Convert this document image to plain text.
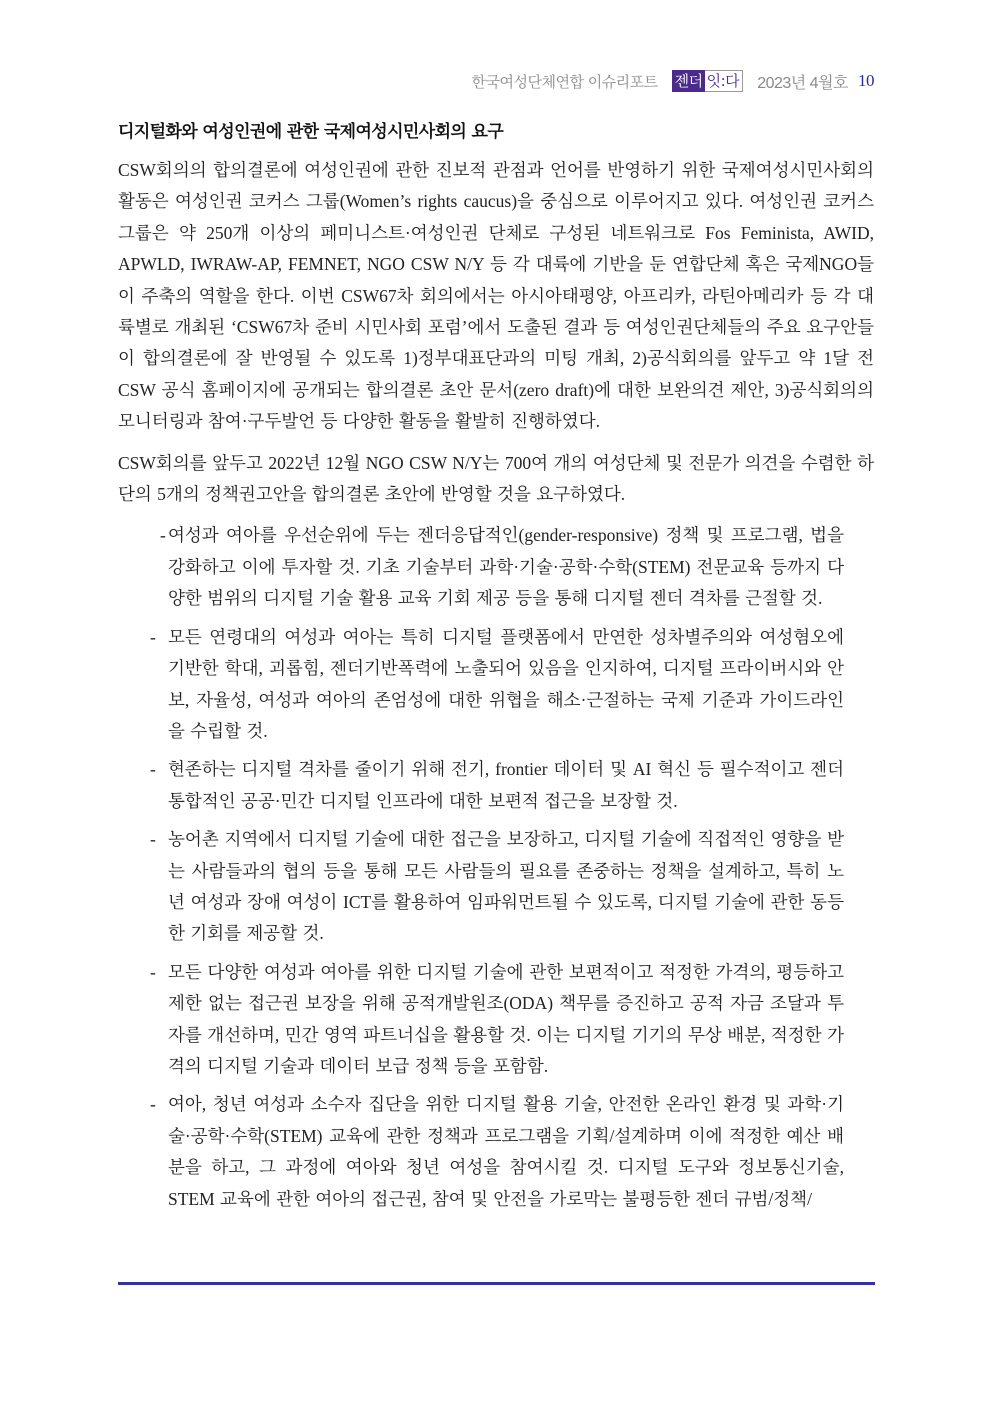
한국여성단체연합 이슈리포트 젠더 잇:다 2023년 4월호 10
디지털화와 여성인권에 관한 국제여성시민사회의 요구

CSW회의의 합의결론에 여성인권에 관한 진보적 관점과 언어를 반영하기 위한 국제여성시민사회의 활동은 여성인권 코커스 그룹(Women’s rights caucus)을 중심으로 이루어지고 있다. 여성인권 코커스 그룹은 약 250개 이상의 페미니스트·여성인권 단체로 구성된 네트워크로 Fos Feminista, AWID, APWLD, IWRAW-AP, FEMNET, NGO CSW N/Y 등 각 대륙에 기반을 둔 연합단체 혹은 국제NGO들이 주축의 역할을 한다. 이번 CSW67차 회의에서는 아시아태평양, 아프리카, 라틴아메리카 등 각 대륙별로 개최된 ‘CSW67차 준비 시민사회 포럼’에서 도출된 결과 등 여성인권단체들의 주요 요구안들이 합의결론에 잘 반영될 수 있도록 1)정부대표단과의 미팅 개최, 2)공식회의를 앞두고 약 1달 전 CSW 공식 홈페이지에 공개되는 합의결론 초안 문서(zero draft)에 대한 보완의견 제안, 3)공식회의의 모니터링과 참여·구두발언 등 다양한 활동을 활발히 진행하였다.

CSW회의를 앞두고 2022년 12월 NGO CSW N/Y는 700여 개의 여성단체 및 전문가 의견을 수렴한 하단의 5개의 정책권고안을 합의결론 초안에 반영할 것을 요구하였다.

- 여성과 여아를 우선순위에 두는 젠더응답적인(gender-responsive) 정책 및 프로그램, 법을 강화하고 이에 투자할 것. 기초 기술부터 과학·기술·공학·수학(STEM) 전문교육 등까지 다양한 범위의 디지털 기술 활용 교육 기회 제공 등을 통해 디지털 젠더 격차를 근절할 것.
- 모든 연령대의 여성과 여아는 특히 디지털 플랫폼에서 만연한 성차별주의와 여성혐오에 기반한 학대, 괴롭힘, 젠더기반폭력에 노출되어 있음을 인지하여, 디지털 프라이버시와 안보, 자율성, 여성과 여아의 존엄성에 대한 위협을 해소·근절하는 국제 기준과 가이드라인을 수립할 것.
- 현존하는 디지털 격차를 줄이기 위해 전기, frontier 데이터 및 AI 혁신 등 필수적이고 젠더 통합적인 공공·민간 디지털 인프라에 대한 보편적 접근을 보장할 것.
- 농어촌 지역에서 디지털 기술에 대한 접근을 보장하고, 디지털 기술에 직접적인 영향을 받는 사람들과의 협의 등을 통해 모든 사람들의 필요를 존중하는 정책을 설계하고, 특히 노년 여성과 장애 여성이 ICT를 활용하여 임파워먼트될 수 있도록, 디지털 기술에 관한 동등한 기회를 제공할 것.
- 모든 다양한 여성과 여아를 위한 디지털 기술에 관한 보편적이고 적정한 가격의, 평등하고 제한 없는 접근권 보장을 위해 공적개발원조(ODA) 책무를 증진하고 공적 자금 조달과 투자를 개선하며, 민간 영역 파트너십을 활용할 것. 이는 디지털 기기의 무상 배분, 적정한 가격의 디지털 기술과 데이터 보급 정책 등을 포함함.
- 여아, 청년 여성과 소수자 집단을 위한 디지털 활용 기술, 안전한 온라인 환경 및 과학·기술·공학·수학(STEM) 교육에 관한 정책과 프로그램을 기획/설계하며 이에 적정한 예산 배분을 하고, 그 과정에 여아와 청년 여성을 참여시킬 것. 디지털 도구와 정보통신기술, STEM 교육에 관한 여아의 접근권, 참여 및 안전을 가로막는 불평등한 젠더 규범/정책/
